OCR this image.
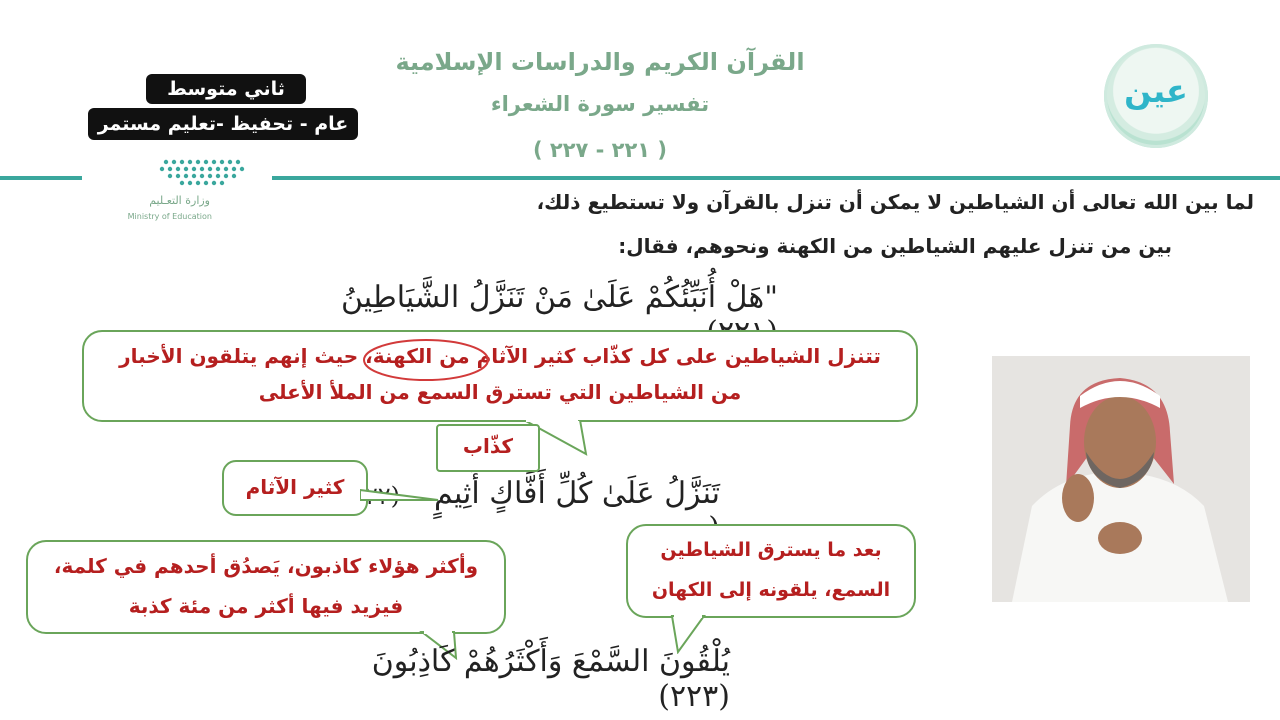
القرآن الكريم والدراسات الإسلامية
تفسير سورة الشعراء
( ٢٢١ - ٢٢٧ )
عين
ثاني متوسط
عام - تحفيظ -تعليم مستمر
وزارة التعـليم
Ministry of Education
لما بين الله تعالى أن الشياطين لا يمكن أن تنزل بالقرآن ولا تستطيع ذلك،
بين من تنزل عليهم الشياطين من الكهنة ونحوهم، فقال:
"هَلْ أُنَبِّئُكُمْ عَلَىٰ مَنْ تَنَزَّلُ الشَّيَاطِينُ
تتنزل الشياطين على كل كذّاب كثير الآثام من الكهنة، حيث إنهم يتلقون الأخبار
من الشياطين التي تسترق السمع من الملأ الأعلى
تَنَزَّلُ عَلَىٰ كُلِّ أَفَّاكٍ أَثِيمٍ
كذّاب
كثير الآثام
بعد ما يسترق الشياطين
السمع، يلقونه إلى الكهان
وأكثر هؤلاء كاذبون، يَصدُق أحدهم في كلمة،
فيزيد فيها أكثر من مئة كذبة
يُلْقُونَ السَّمْعَ وَأَكْثَرُهُمْ كَاذِبُونَ (٢٢٣)
